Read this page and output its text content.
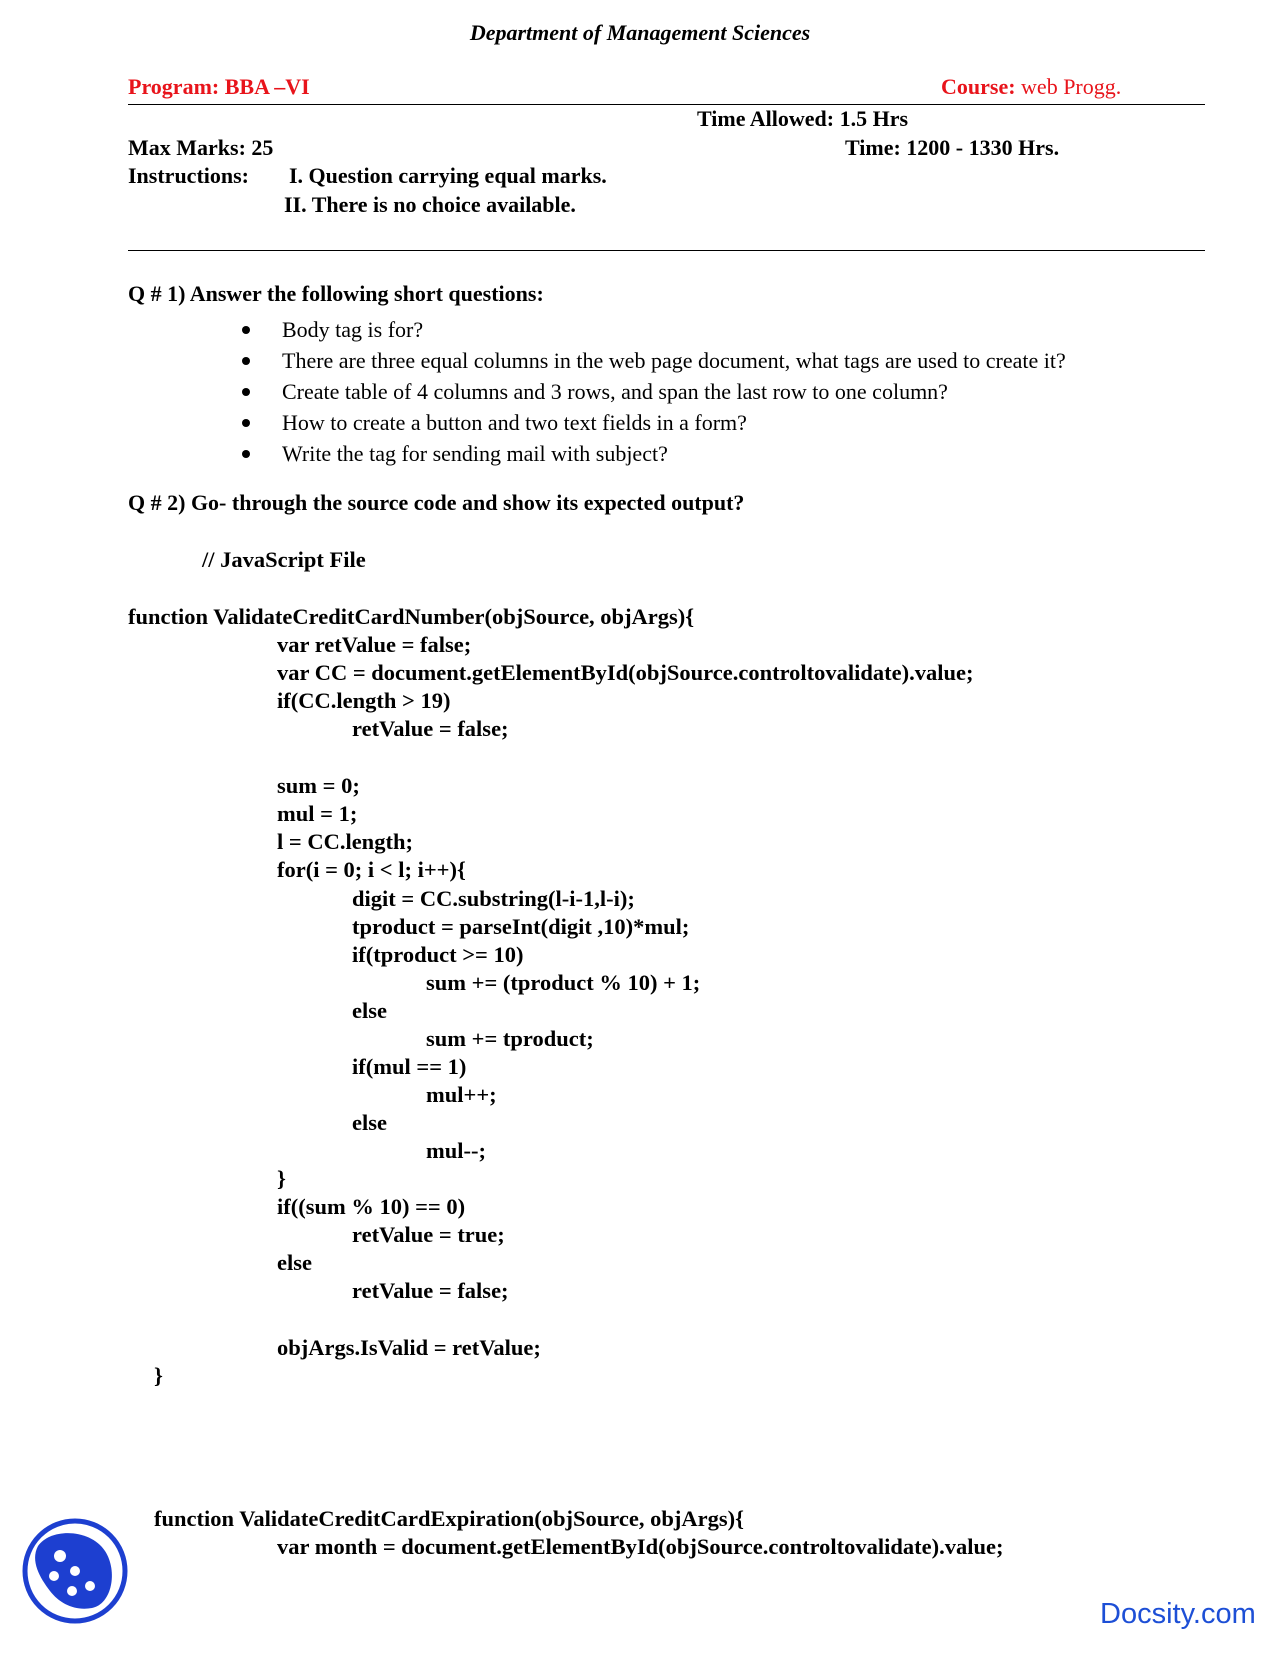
Department of Management Sciences
Program: BBA –VI	Course: web Progg.
Time Allowed: 1.5 Hrs
Max Marks: 25	Time: 1200 - 1330 Hrs.
Instructions: I. Question carrying equal marks.
II. There is no choice available.
Q # 1) Answer the following short questions:
Body tag is for?
There are three equal columns in the web page document, what tags are used to create it?
Create table of 4 columns and 3 rows, and span the last row to one column?
How to create a button and two text fields in a form?
Write the tag for sending mail with subject?
Q # 2) Go- through the source code and show its expected output?
// JavaScript File
function ValidateCreditCardNumber(objSource, objArgs){
var retValue = false;
var CC = document.getElementById(objSource.controltovalidate).value;
if(CC.length > 19)
retValue = false;
sum = 0;
mul = 1;
l = CC.length;
for(i = 0; i < l; i++){
digit = CC.substring(l-i-1,l-i);
tproduct = parseInt(digit ,10)*mul;
if(tproduct >= 10)
sum += (tproduct % 10) + 1;
else
sum += tproduct;
if(mul == 1)
mul++;
else
mul--;
}
if((sum % 10) == 0)
retValue = true;
else
retValue = false;
objArgs.IsValid = retValue;
}
function ValidateCreditCardExpiration(objSource, objArgs){
var month = document.getElementById(objSource.controltovalidate).value;
Docsity.com
